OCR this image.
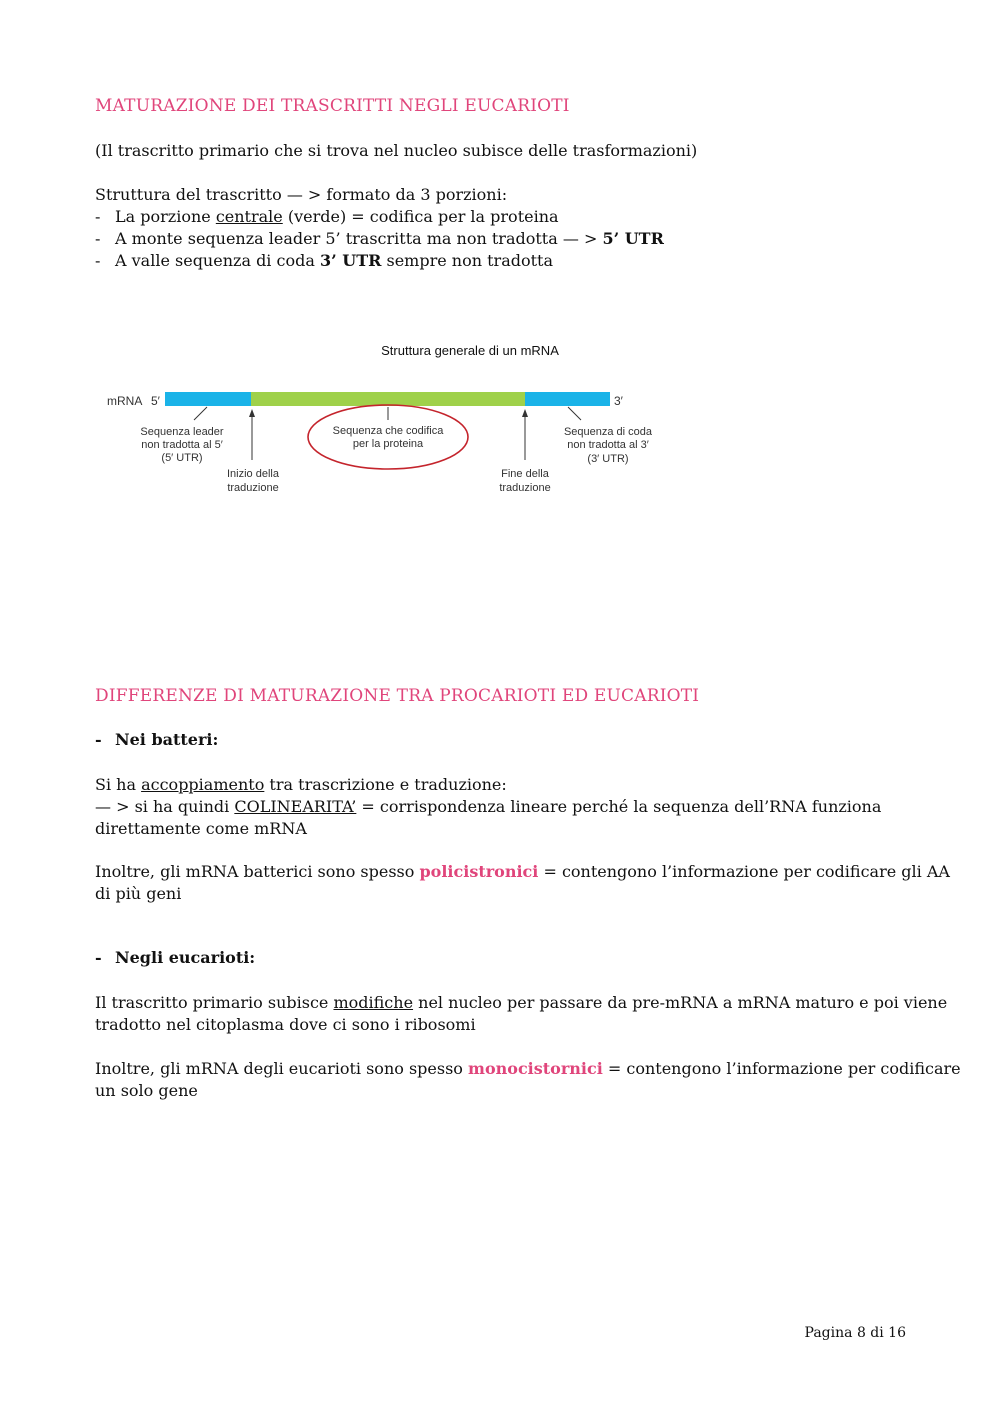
MATURAZIONE DEI TRASCRITTI NEGLI EUCARIOTI
(Il trascritto primario che si trova nel nucleo subisce delle trasformazioni)
Struttura del trascritto — > formato da 3 porzioni:
- La porzione centrale (verde) = codifica per la proteina
- A monte sequenza leader 5’ trascritta ma non tradotta — > 5’ UTR
- A valle sequenza di coda 3’ UTR sempre non tradotta
Struttura generale di un mRNA
mRNA 5′	3′
Sequenza leader
non tradotta al 5′
(5′ UTR)
Sequenza che codifica
per la proteina
Sequenza di coda
non tradotta al 3′
(3′ UTR)
Inizio della
traduzione
Fine della
traduzione
DIFFERENZE DI MATURAZIONE TRA PROCARIOTI ED EUCARIOTI
- Nei batteri:
Si ha accoppiamento tra trascrizione e traduzione:
— > si ha quindi COLINEARITA’ = corrispondenza lineare perché la sequenza dell’RNA funziona
direttamente come mRNA
Inoltre, gli mRNA batterici sono spesso policistronici = contengono l’informazione per codificare gli AA
di più geni
- Negli eucarioti:
Il trascritto primario subisce modifiche nel nucleo per passare da pre-mRNA a mRNA maturo e poi viene
tradotto nel citoplasma dove ci sono i ribosomi
Inoltre, gli mRNA degli eucarioti sono spesso monocistornici = contengono l’informazione per codificare
un solo gene
Pagina 8 di 16
